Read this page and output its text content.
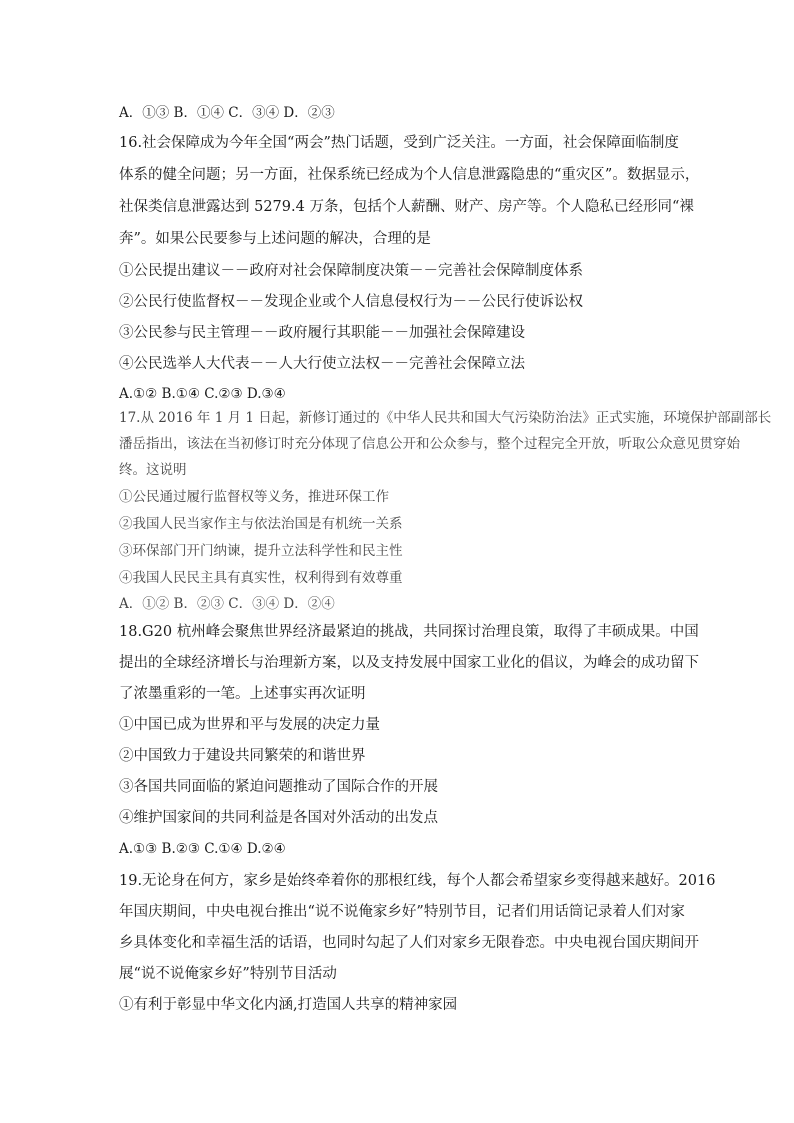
A．①③ B．①④ C．③④ D．②③
16.社会保障成为今年全国“两会”热门话题，受到广泛关注。一方面，社会保障面临制度
体系的健全问题；另一方面，社保系统已经成为个人信息泄露隐患的“重灾区”。数据显示，
社保类信息泄露达到 5279.4 万条，包括个人薪酬、财产、房产等。个人隐私已经形同“裸
奔”。如果公民要参与上述问题的解决，合理的是
①公民提出建议－－政府对社会保障制度决策－－完善社会保障制度体系
②公民行使监督权－－发现企业或个人信息侵权行为－－公民行使诉讼权
③公民参与民主管理－－政府履行其职能－－加强社会保障建设
④公民选举人大代表－－人大行使立法权－－完善社会保障立法
A.①② B.①④ C.②③ D.③④
17.从 2016 年 1 月 1 日起，新修订通过的《中华人民共和国大气污染防治法》正式实施，环境保护部副部长
潘岳指出，该法在当初修订时充分体现了信息公开和公众参与，整个过程完全开放，听取公众意见贯穿始
终。这说明
①公民通过履行监督权等义务，推进环保工作
②我国人民当家作主与依法治国是有机统一关系
③环保部门开门纳谏，提升立法科学性和民主性
④我国人民民主具有真实性，权利得到有效尊重
A．①② B．②③ C．③④ D．②④
18.G20 杭州峰会聚焦世界经济最紧迫的挑战，共同探讨治理良策，取得了丰硕成果。中国
提出的全球经济增长与治理新方案，以及支持发展中国家工业化的倡议，为峰会的成功留下
了浓墨重彩的一笔。上述事实再次证明
①中国已成为世界和平与发展的决定力量
②中国致力于建设共同繁荣的和谐世界
③各国共同面临的紧迫问题推动了国际合作的开展
④维护国家间的共同利益是各国对外活动的出发点
A.①③ B.②③ C.①④ D.②④
19.无论身在何方，家乡是始终牵着你的那根红线，每个人都会希望家乡变得越来越好。2016
年国庆期间，中央电视台推出“说不说俺家乡好”特别节目，记者们用话筒记录着人们对家
乡具体变化和幸福生活的话语，也同时勾起了人们对家乡无限眷恋。中央电视台国庆期间开
展“说不说俺家乡好”特别节目活动
①有利于彰显中华文化内涵,打造国人共享的精神家园
